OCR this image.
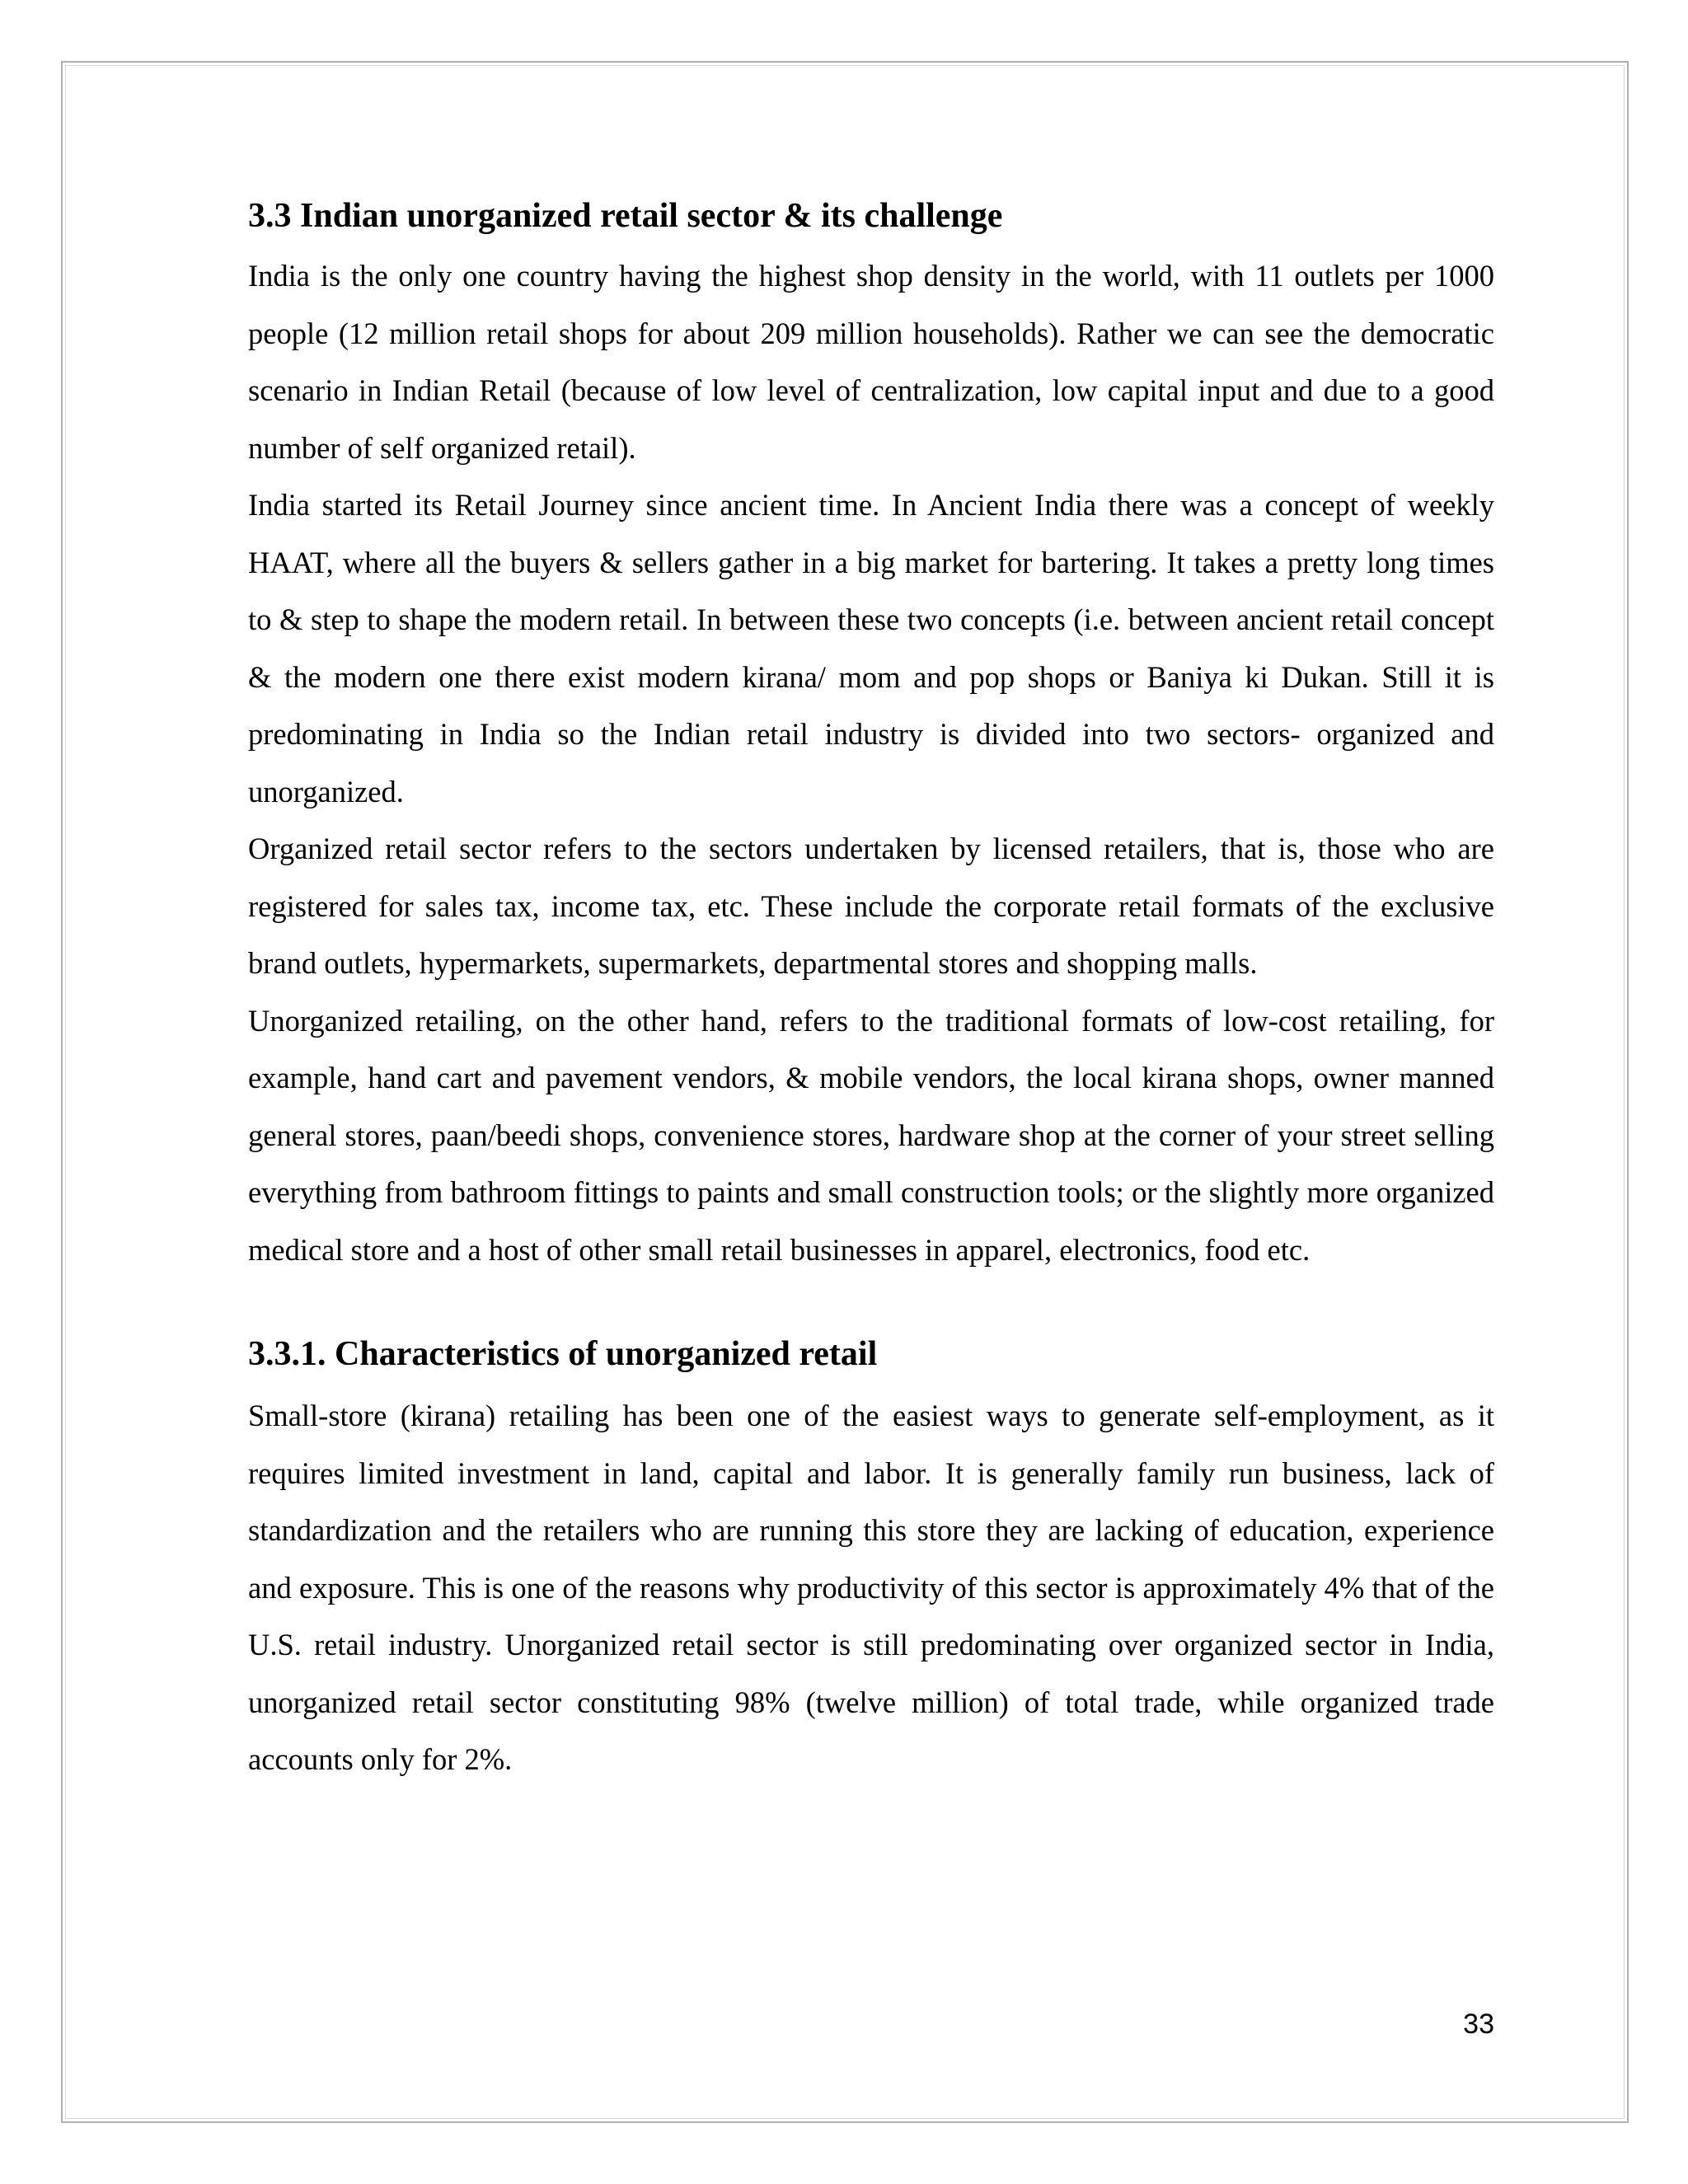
3.3 Indian unorganized retail sector & its challenge

India is the only one country having the highest shop density in the world, with 11 outlets per 1000 people (12 million retail shops for about 209 million households). Rather we can see the democratic scenario in Indian Retail (because of low level of centralization, low capital input and due to a good number of self organized retail).

India started its Retail Journey since ancient time. In Ancient India there was a concept of weekly HAAT, where all the buyers & sellers gather in a big market for bartering. It takes a pretty long times to & step to shape the modern retail. In between these two concepts (i.e. between ancient retail concept & the modern one there exist modern kirana/ mom and pop shops or Baniya ki Dukan. Still it is predominating in India so the Indian retail industry is divided into two sectors- organized and unorganized.

Organized retail sector refers to the sectors undertaken by licensed retailers, that is, those who are registered for sales tax, income tax, etc. These include the corporate retail formats of the exclusive brand outlets, hypermarkets, supermarkets, departmental stores and shopping malls.

Unorganized retailing, on the other hand, refers to the traditional formats of low-cost retailing, for example, hand cart and pavement vendors, & mobile vendors, the local kirana shops, owner manned general stores, paan/beedi shops, convenience stores, hardware shop at the corner of your street selling everything from bathroom fittings to paints and small construction tools; or the slightly more organized medical store and a host of other small retail businesses in apparel, electronics, food etc.

3.3.1. Characteristics of unorganized retail

Small-store (kirana) retailing has been one of the easiest ways to generate self-employment, as it requires limited investment in land, capital and labor. It is generally family run business, lack of standardization and the retailers who are running this store they are lacking of education, experience and exposure. This is one of the reasons why productivity of this sector is approximately 4% that of the U.S. retail industry. Unorganized retail sector is still predominating over organized sector in India, unorganized retail sector constituting 98% (twelve million) of total trade, while organized trade accounts only for 2%.

33
